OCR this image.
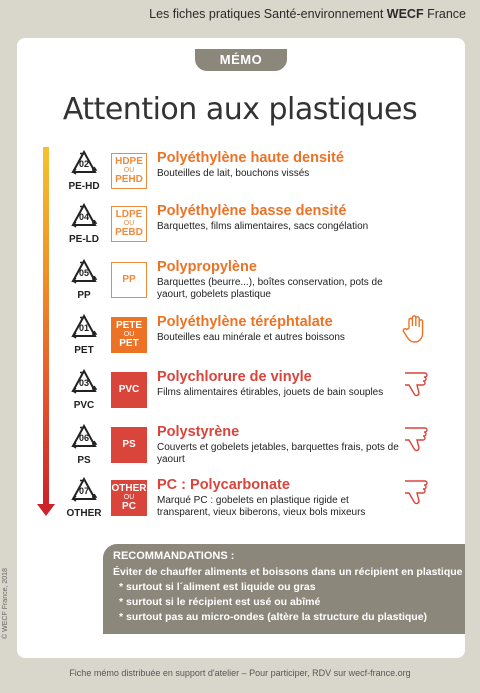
Les fiches pratiques Santé-environnement WECF France
MÉMO
Attention aux plastiques
02
PE-HD
HDPE
OU
PEHD
Polyéthylène haute densité
Bouteilles de lait, bouchons vissés
04
PE-LD
LDPE
OU
PEBD
Polyéthylène basse densité
Barquettes, films alimentaires, sacs congélation
05
PP
PP
Polypropylène
Barquettes (beurre...), boîtes conservation, pots de yaourt, gobelets plastique
01
PET
PETE
OU
PET
Polyéthylène téréphtalate
Bouteilles eau minérale et autres boissons
03
PVC
PVC
Polychlorure de vinyle
Films alimentaires étirables, jouets de bain souples
06
PS
PS
Polystyrène
Couverts et gobelets jetables, barquettes frais, pots de yaourt
07
OTHER
OTHER
OU
PC
PC : Polycarbonate
Marqué PC : gobelets en plastique rigide et transparent, vieux biberons, vieux bols mixeurs
RECOMMANDATIONS :
Éviter de chauffer aliments et boissons dans un récipient en plastique
* surtout si l´aliment est liquide ou gras
* surtout si le récipient est usé ou abîmé
* surtout pas au micro-ondes (altère la structure du plastique)
© WECF France, 2018
Fiche mémo distribuée en support d'atelier – Pour participer, RDV sur wecf-france.org
